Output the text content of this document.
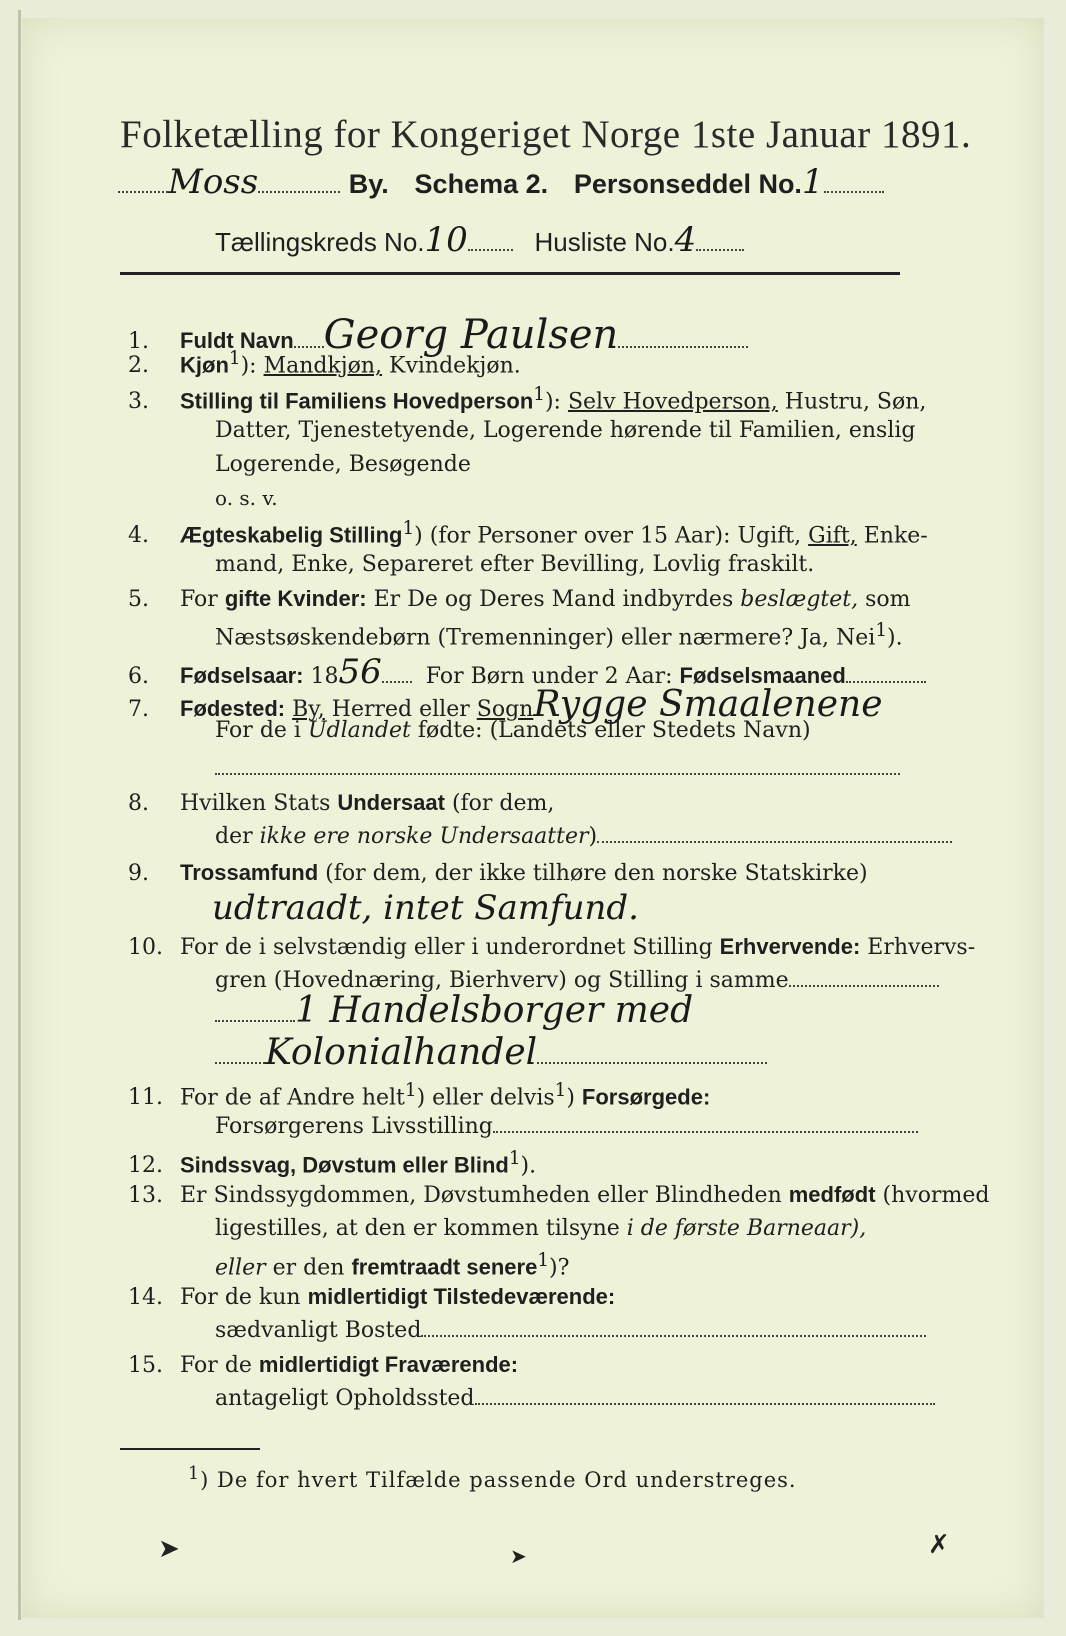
Folketælling for Kongeriget Norge 1ste Januar 1891.
Moss	By. Schema 2. Personseddel No.1
Tællingskreds No.10	Husliste No.4
1. Fuldt Navn Georg Paulsen
2. Kjøn$^1$): Mandkjøn, Kvindekjøn.
3. Stilling til Familiens Hovedperson$^1$): Selv Hovedperson, Hustru, Søn,
Datter, Tjenestetyende, Logerende hørende til Familien, enslig
Logerende, Besøgende
o. s. v.
4. Ægteskabelig Stilling$^1$) (for Personer over 15 Aar): Ugift, Gift, Enke-
mand, Enke, Separeret efter Bevilling, Lovlig fraskilt.
5. For gifte Kvinder: Er De og Deres Mand indbyrdes beslægtet, som
Næstsøskendebørn (Tremenninger) eller nærmere? Ja, Nei$^1$).
6. Fødselsaar: 1856 For Børn under 2 Aar: Fødselsmaaned
7. Fødested: By, Herred eller SognRygge Smaalenene
For de i Udlandet fødte: (Landets eller Stedets Navn)
8. Hvilken Stats Undersaat (for dem,
der ikke ere norske Undersaatter)
9. Trossamfund (for dem, der ikke tilhøre den norske Statskirke)
udtraadt, intet Samfund.
10. For de i selvstændig eller i underordnet Stilling Erhvervende: Erhvervs-
gren (Hovednæring, Bierhverv) og Stilling i samme
1 Handelsborger med
Kolonialhandel
11. For de af Andre helt$^1$) eller delvis$^1$) Forsørgede:
Forsørgerens Livsstilling
12. Sindssvag, Døvstum eller Blind$^1$).
13. Er Sindssygdommen, Døvstumheden eller Blindheden medfødt (hvormed
ligestilles, at den er kommen tilsyne i de første Barneaar),
eller er den fremtraadt senere$^1$)?
14. For de kun midlertidigt Tilstedeværende:
sædvanligt Bosted
15. For de midlertidigt Fraværende:
antageligt Opholdssted
$^1$) De for hvert Tilfælde passende Ord understreges.
➤	➤	✗
